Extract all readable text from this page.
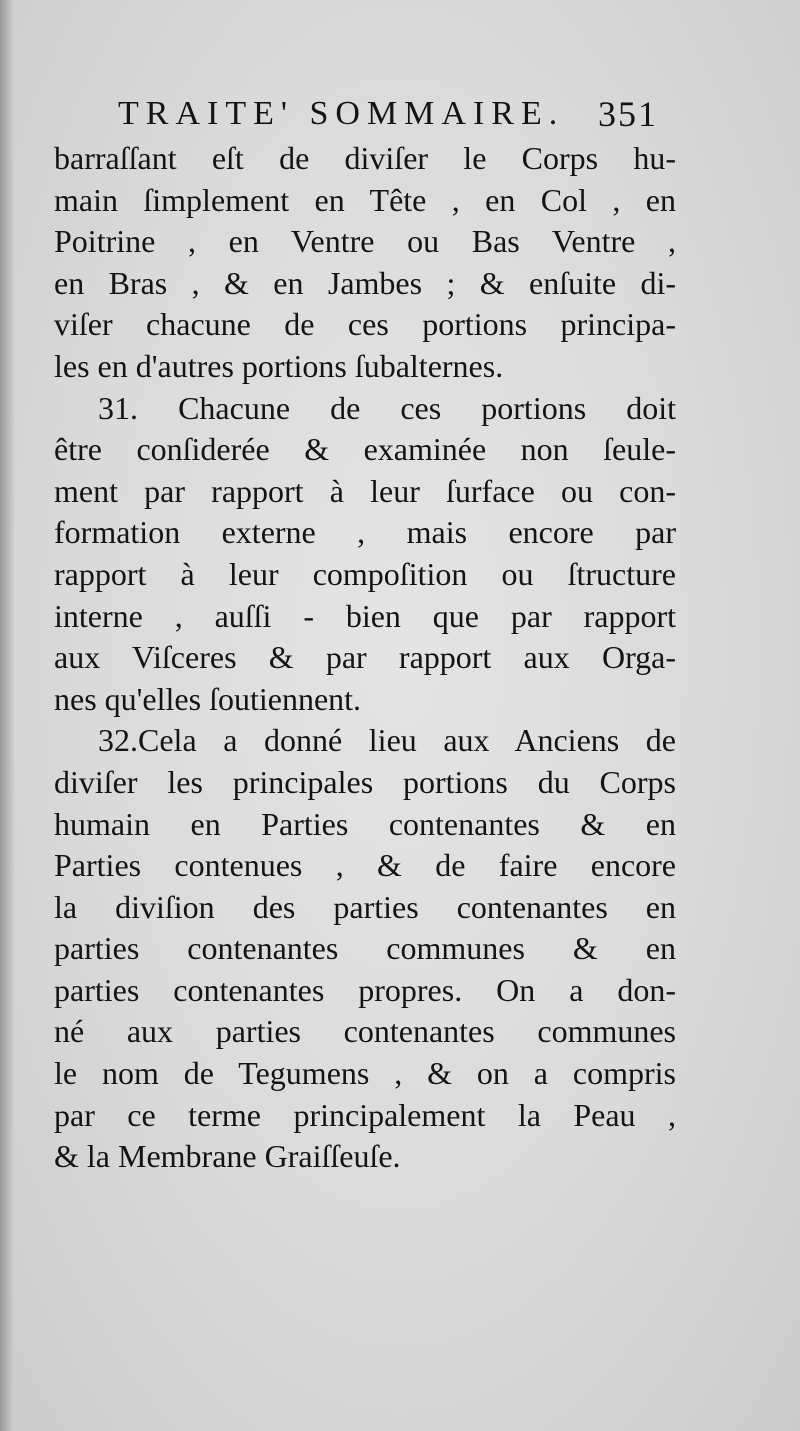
TRAITE' SOMMAIRE. 351
barraſſant eſt de diviſer le Corps hu-
main ſimplement en Tête , en Col , en
Poitrine , en Ventre ou Bas Ventre ,
en Bras , & en Jambes ; & enſuite di-
viſer chacune de ces portions principa-
les en d'autres portions ſubalternes.
31. Chacune de ces portions doit
être conſiderée & examinée non ſeule-
ment par rapport à leur ſurface ou con-
formation externe , mais encore par
rapport à leur compoſition ou ſtructure
interne , auſſi - bien que par rapport
aux Viſceres & par rapport aux Orga-
nes qu'elles ſoutiennent.
32.Cela a donné lieu aux Anciens de
diviſer les principales portions du Corps
humain en Parties contenantes & en
Parties contenues , & de faire encore
la diviſion des parties contenantes en
parties contenantes communes & en
parties contenantes propres. On a don-
né aux parties contenantes communes
le nom de Tegumens , & on a compris
par ce terme principalement la Peau ,
& la Membrane Graiſſeuſe.
